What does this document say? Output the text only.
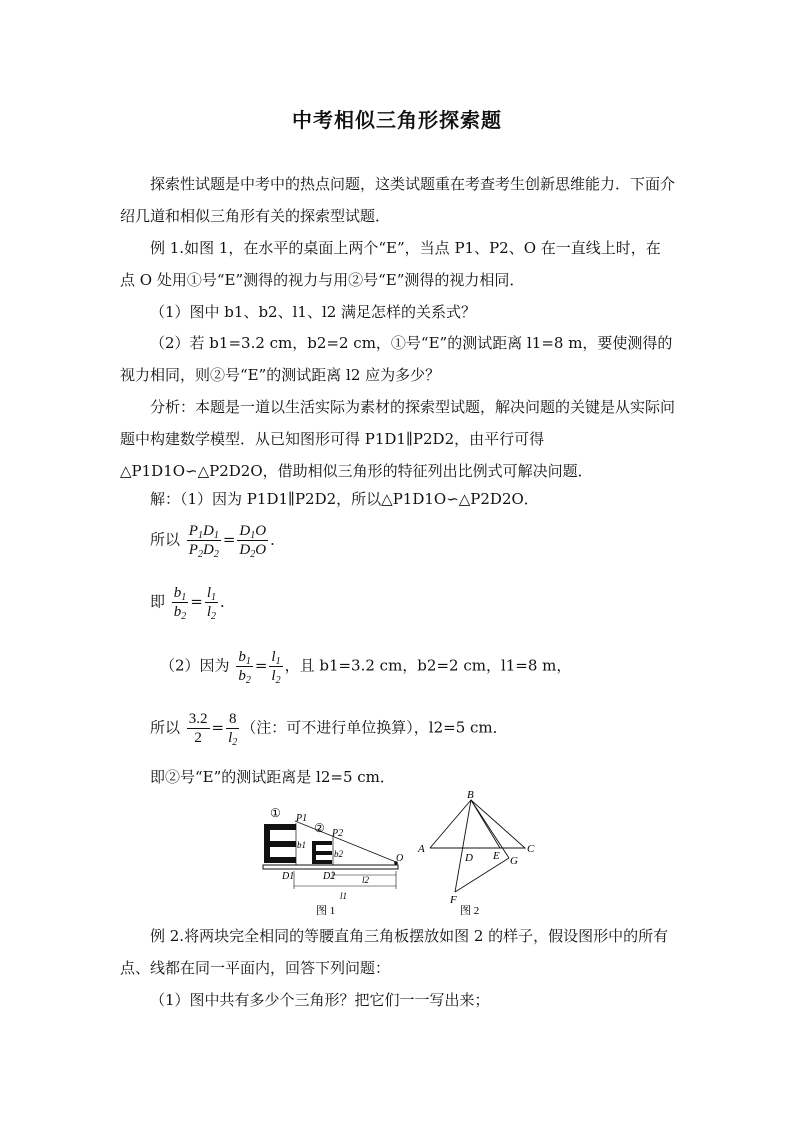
中考相似三角形探索题
探索性试题是中考中的热点问题，这类试题重在考查考生创新思维能力．下面介绍几道和相似三角形有关的探索型试题．
例 1.如图 1，在水平的桌面上两个“E”，当点 P1、P2、O 在一直线上时，在点 O 处用①号“E”测得的视力与用②号“E”测得的视力相同．
（1）图中 b1、b2、l1、l2 满足怎样的关系式？
（2）若 b1=3.2 cm，b2=2 cm，①号“E”的测试距离 l1=8 m，要使测得的视力相同，则②号“E”的测试距离 l2 应为多少？
分析：本题是一道以生活实际为素材的探索型试题，解决问题的关键是从实际问题中构建数学模型．从已知图形可得 P1D1∥P2D2，由平行可得△P1D1O∽△P2D2O，借助相似三角形的特征列出比例式可解决问题．
解：（1）因为 P1D1∥P2D2，所以△P1D1O∽△P2D2O．
所以 $\frac{P_1D_1}{P_2D_2} = \frac{D_1O}{D_2O}$ ．
即 $\frac{b_1}{b_2} = \frac{l_1}{l_2}$ ．
（2）因为 $\frac{b_1}{b_2} = \frac{l_1}{l_2}$ ，且 b1=3.2 cm，b2=2 cm，l1=8 m，
所以 $\frac{3.2}{2} = \frac{8}{l_2}$ （注：可不进行单位换算），l2=5 cm．
即②号“E”的测试距离是 l2=5 cm．
①
②
P1
P2
b1
b2	O
D1	D2
l1
l2
图 1
B
A	C
D E G
F
图 2
例 2.将两块完全相同的等腰直角三角板摆放如图 2 的样子，假设图形中的所有点、线都在同一平面内，回答下列问题：
（1）图中共有多少个三角形？把它们一一写出来；
